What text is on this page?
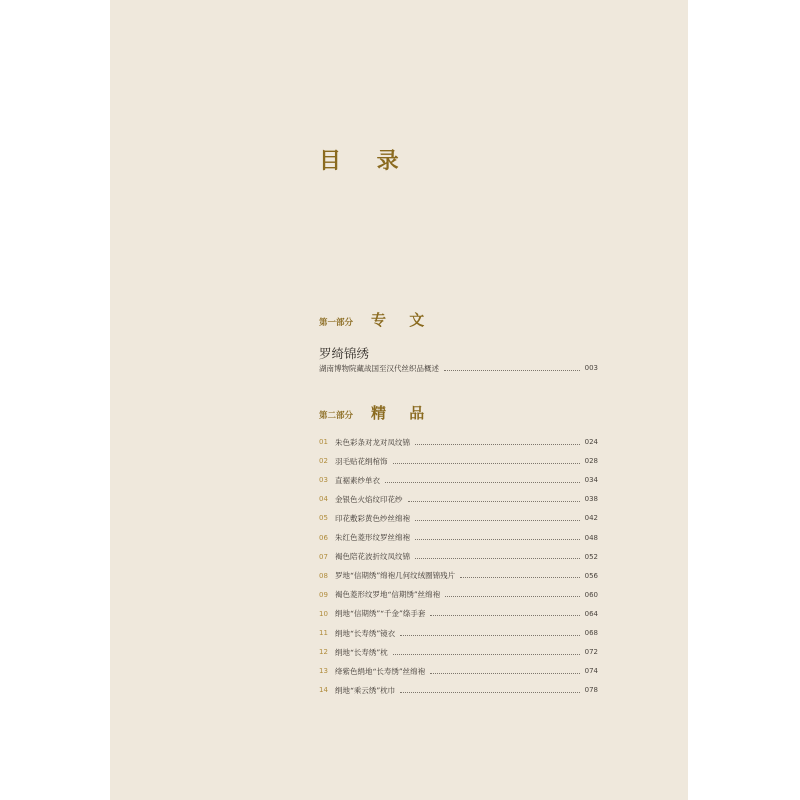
目 录
第一部分 专 文
罗绮锦绣
湖南博物院藏战国至汉代丝织品概述	003
第二部分 精 品
01 朱色彩条对龙对凤纹锦	024
02 羽毛贴花绢棺饰	028
03 直裾素纱单衣	034
04 金银色火焰纹印花纱	038
05 印花敷彩黄色纱丝绵袍	042
06 朱红色菱形纹罗丝绵袍	048
07 褐色陪花波折纹凤纹锦	052
08 罗地“信期绣”绵袍几何纹绒圈锦残片	056
09 褐色菱形纹罗地“信期绣”丝绵袍	060
10 绢地“信期绣”“千金”绦手套	064
11 绢地“长寿绣”镜衣	068
12 绢地“长寿绣”枕	072
13 绛紫色绢地“长寿绣”丝绵袍	074
14 绢地“乘云绣”枕巾	078
